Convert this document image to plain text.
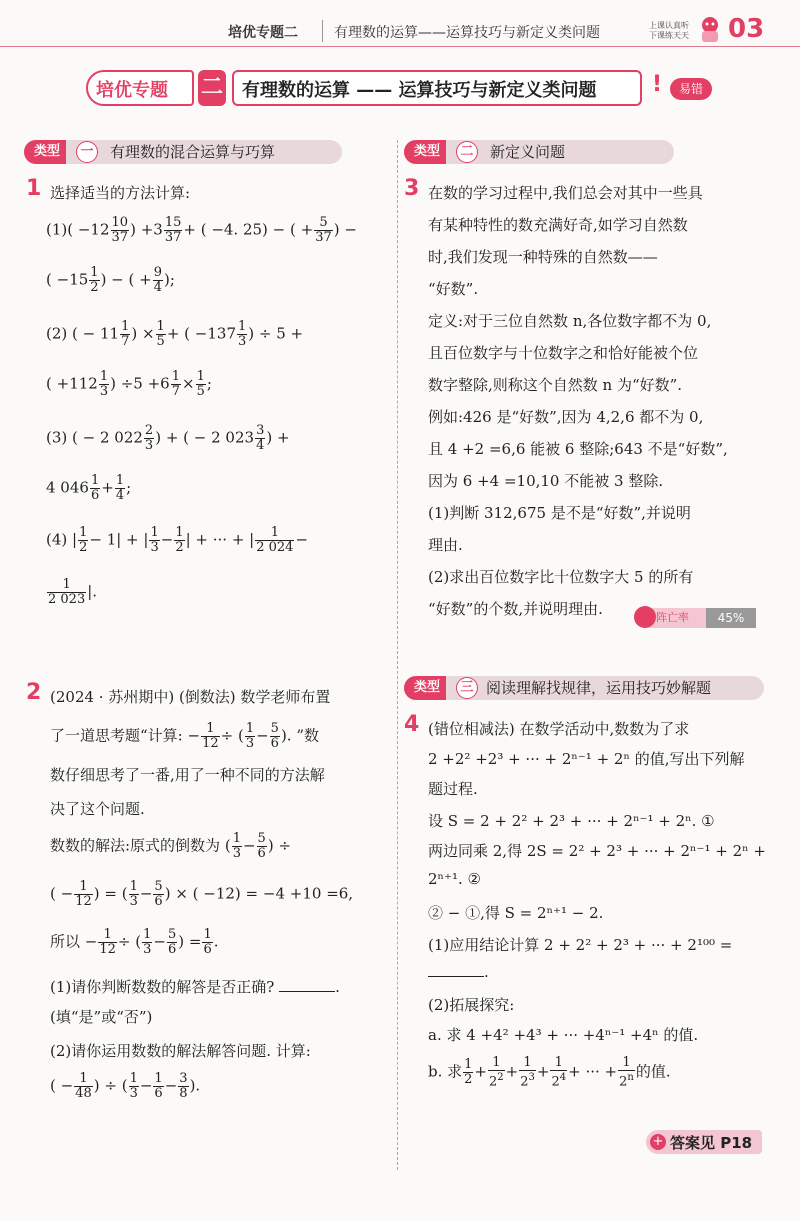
培优专题二	有理数的运算——运算技巧与新定义类问题	上课认真听
下课练天天 03
培优专题 二 有理数的运算 —— 运算技巧与新定义类问题	!	易错
类型	一	有理数的混合运算与巧算
1 选择适当的方法计算:
$(1)( -12 \frac{10}{37}$ ) $+3 \frac{15}{37}$ + ( −4. 25) − ( + $\frac{5}{37}$ ) −
( $-15 \frac{1}{2}$ ) − ( + $\frac{9}{4}$ );
(2) ( − $11 \frac{1}{7}$ ) × $\frac{1}{5}$ + ( $-137 \frac{1}{3}$ ) ÷ 5 +
( $+112 \frac{1}{3}$ ) $\div 5 +6 \frac{1}{7} \times \frac{1}{5}$ ;
(3) ( − 2 $022 \frac{2}{3}$ ) + ( − 2 $023 \frac{3}{4}$ ) +
4 $046 \frac{1}{6} + \frac{1}{4}$ ;
(4) | $\frac{1}{2} - 1|$ + | $\frac{1}{3} - \frac{1}{2}$ | + ··· + | $\frac{1}{2 024}$ −
$\frac{1}{2 023}$ |.
2 (2024 · 苏州期中) (倒数法) 数学老师布置
了一道思考题“计算: − $\frac{1}{12}$ ÷ ( $\frac{1}{3} - \frac{5}{6}$ ). ”数
数仔细思考了一番,用了一种不同的方法解
决了这个问题.
数数的解法:原式的倒数为 ( $\frac{1}{3} - \frac{5}{6}$ ) ÷
( − $\frac{1}{12}$ ) = ( $\frac{1}{3} - \frac{5}{6}$ ) × ( −12) = −4 +10 =6,
所以 − $\frac{1}{12}$ ÷ ( $\frac{1}{3} - \frac{5}{6}$ ) = $\frac{1}{6}$ .
(1)请你判断数数的解答是否正确?	.
(填“是”或“否”)
(2)请你运用数数的解法解答问题. 计算:
( − $\frac{1}{48}$ ) ÷ ( $\frac{1}{3} - \frac{1}{6} - \frac{3}{8}$ ).
类型	二	新定义问题
3 在数的学习过程中,我们总会对其中一些具
有某种特性的数充满好奇,如学习自然数
时,我们发现一种特殊的自然数——
“好数”.
定义:对于三位自然数 n,各位数字都不为 0,
且百位数字与十位数字之和恰好能被个位
数字整除,则称这个自然数 n 为“好数”.
例如:426 是“好数”,因为 4,2,6 都不为 0,
且 4 +2 =6,6 能被 6 整除;643 不是“好数”,
因为 6 +4 =10,10 不能被 3 整除.
(1)判断 312,675 是不是“好数”,并说明
理由.
(2)求出百位数字比十位数字大 5 的所有
“好数”的个数,并说明理由.	阵亡率	45%
类型	三 阅读理解找规律，运用技巧妙解题
4 (错位相减法) 在数学活动中,数数为了求
2 +2² +2³ + ··· + 2ⁿ⁻¹ + 2ⁿ 的值,写出下列解
题过程.
设 S = 2 + 2² + 2³ + ··· + 2ⁿ⁻¹ + 2ⁿ. ①
两边同乘 2,得 2S = 2² + 2³ + ··· + 2ⁿ⁻¹ + 2ⁿ +
2ⁿ⁺¹. ②
② − ①,得 S = 2ⁿ⁺¹ − 2.
(1)应用结论计算 2 + 2² + 2³ + ··· + 2¹⁰⁰ =
.
(2)拓展探究:
a. 求 4 +4² +4³ + ··· +4ⁿ⁻¹ +4ⁿ 的值.
b. 求 $\frac{1}{2} + \frac{1}{2^2} + \frac{1}{2^3} + \frac{1}{2^4}$ + ··· + $\frac{1}{2^n}$ 的值.
+ 答案见 P18
